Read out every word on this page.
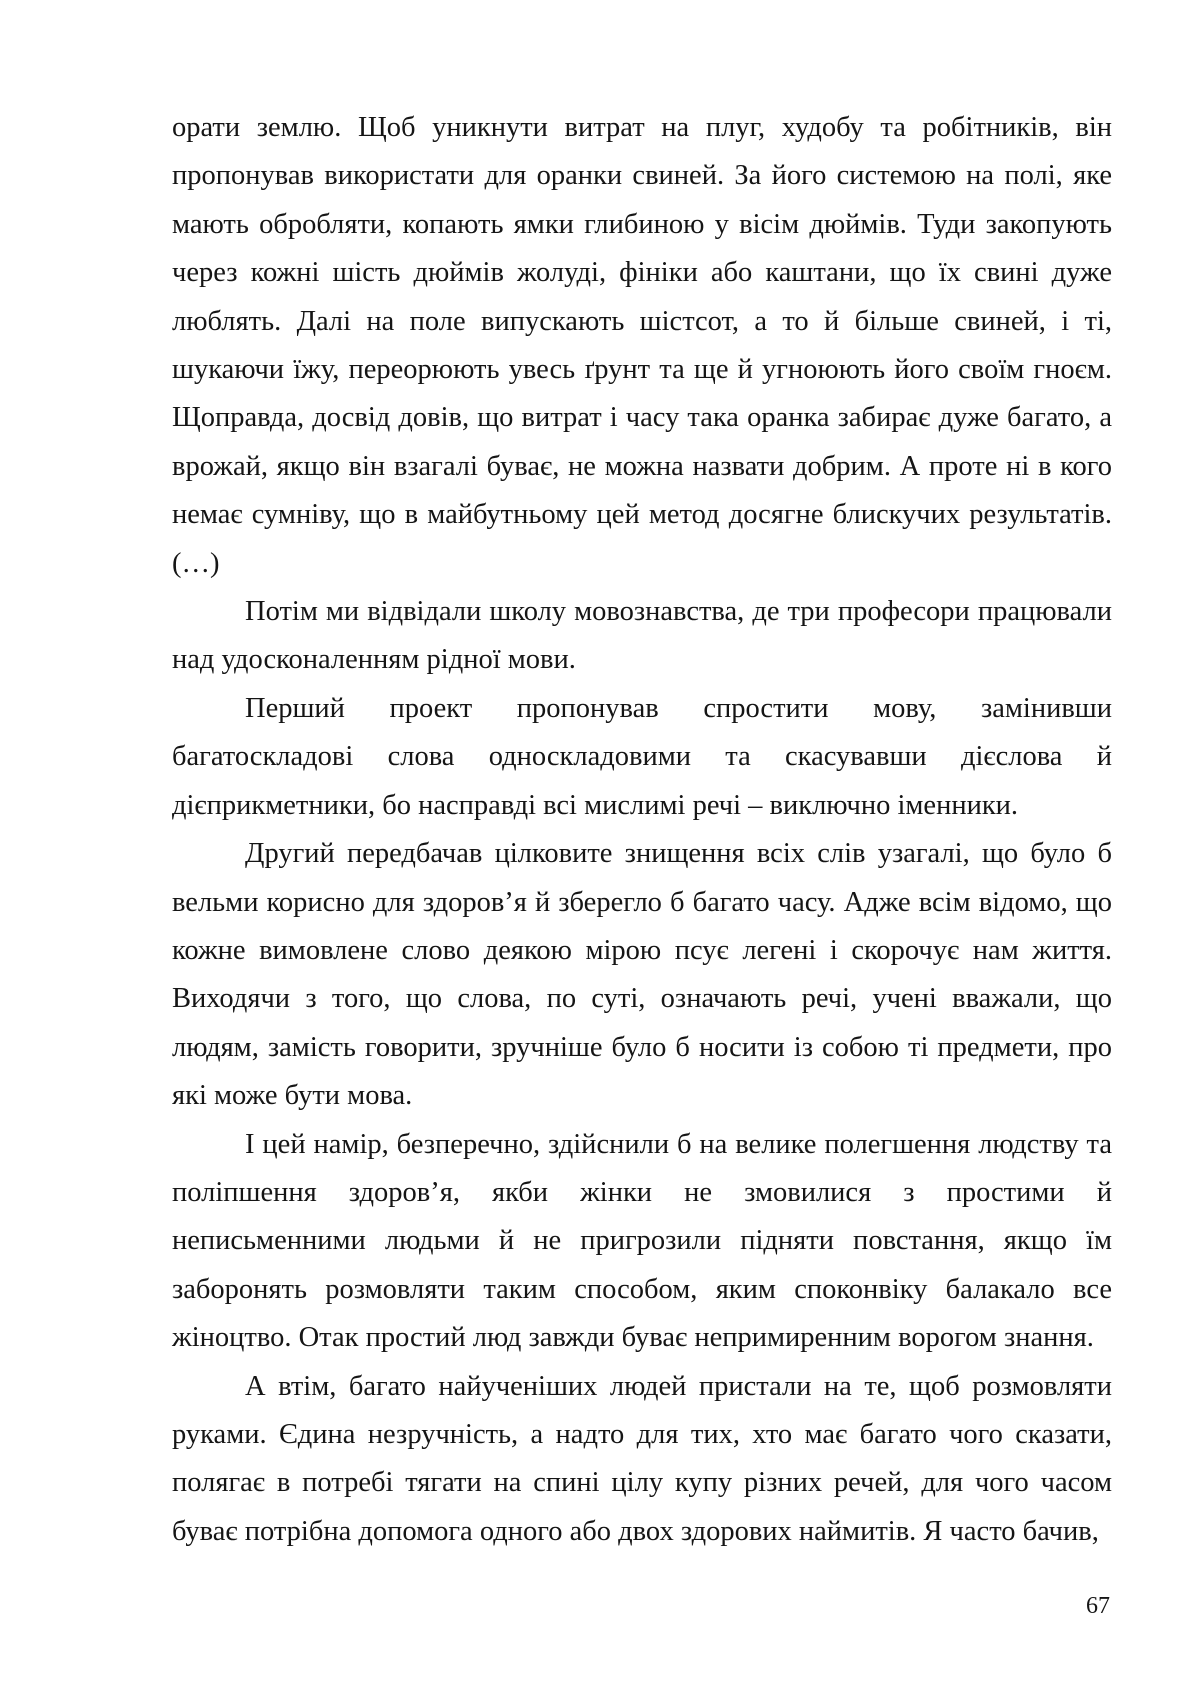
орати землю. Щоб уникнути витрат на плуг, худобу та робітників, він пропонував використати для оранки свиней. За його системою на полі, яке мають обробляти, копають ямки глибиною у вісім дюймів. Туди закопують через кожні шість дюймів жолуді, фініки або каштани, що їх свині дуже люблять. Далі на поле випускають шістсот, а то й більше свиней, і ті, шукаючи їжу, переорюють увесь ґрунт та ще й угноюють його своїм гноєм. Щоправда, досвід довів, що витрат і часу така оранка забирає дуже багато, а врожай, якщо він взагалі буває, не можна назвати добрим. А проте ні в кого немає сумніву, що в майбутньому цей метод досягне блискучих результатів. (…)

Потім ми відвідали школу мовознавства, де три професори працювали над удосконаленням рідної мови.

Перший проект пропонував спростити мову, замінивши багатоскладові слова односкладовими та скасувавши дієслова й дієприкметники, бо насправді всі мислимі речі – виключно іменники.

Другий передбачав цілковите знищення всіх слів узагалі, що було б вельми корисно для здоров’я й зберегло б багато часу. Адже всім відомо, що кожне вимовлене слово деякою мірою псує легені і скорочує нам життя. Виходячи з того, що слова, по суті, означають речі, учені вважали, що людям, замість говорити, зручніше було б носити із собою ті предмети, про які може бути мова.

І цей намір, безперечно, здійснили б на велике полегшення людству та поліпшення здоров’я, якби жінки не змовилися з простими й неписьменними людьми й не пригрозили підняти повстання, якщо їм заборонять розмовляти таким способом, яким споконвіку балакало все жіноцтво. Отак простий люд завжди буває непримиренним ворогом знання.

А втім, багато найученіших людей пристали на те, щоб розмовляти руками. Єдина незручність, а надто для тих, хто має багато чого сказати, полягає в потребі тягати на спині цілу купу різних речей, для чого часом буває потрібна допомога одного або двох здорових наймитів. Я часто бачив,

67
